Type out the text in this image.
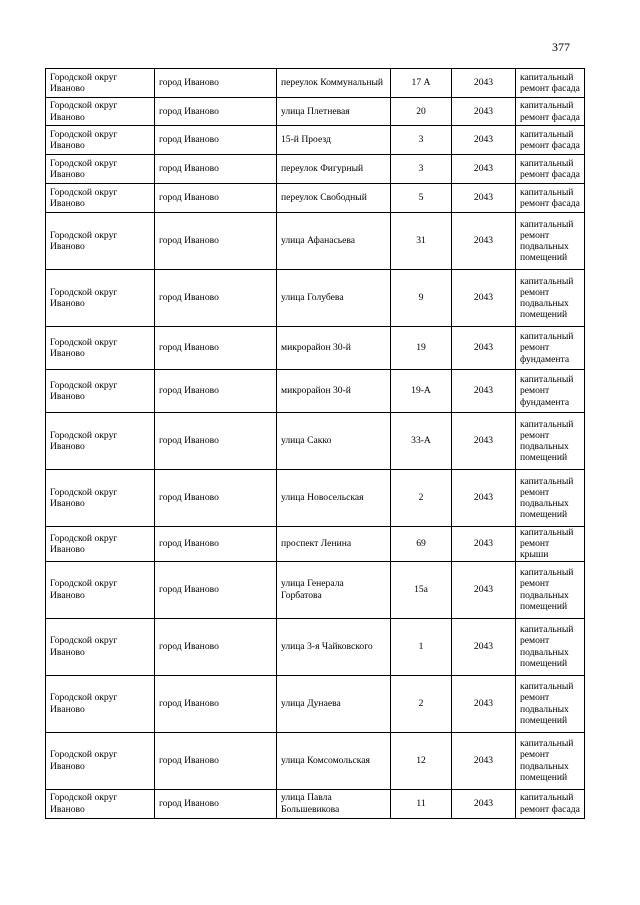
377
Городской округ Иваново	город Иваново	переулок Коммунальный	17 А	2043	капитальный ремонт фасада
Городской округ Иваново	город Иваново	улица Плетневая	20	2043	капитальный ремонт фасада
Городской округ Иваново	город Иваново	15-й Проезд	3	2043	капитальный ремонт фасада
Городской округ Иваново	город Иваново	переулок Фигурный	3	2043	капитальный ремонт фасада
Городской округ Иваново	город Иваново	переулок Свободный	5	2043	капитальный ремонт фасада
Городской округ Иваново	город Иваново	улица Афанасьева	31	2043	капитальный ремонт подвальных помещений
Городской округ Иваново	город Иваново	улица Голубева	9	2043	капитальный ремонт подвальных помещений
Городской округ Иваново	город Иваново	микрорайон 30-й	19	2043	капитальный ремонт фундамента
Городской округ Иваново	город Иваново	микрорайон 30-й	19-А	2043	капитальный ремонт фундамента
Городской округ Иваново	город Иваново	улица Сакко	33-А	2043	капитальный ремонт подвальных помещений
Городской округ Иваново	город Иваново	улица Новосельская	2	2043	капитальный ремонт подвальных помещений
Городской округ Иваново	город Иваново	проспект Ленина	69	2043	капитальный ремонт крыши
Городской округ Иваново	город Иваново	улица Генерала Горбатова	15а	2043	капитальный ремонт подвальных помещений
Городской округ Иваново	город Иваново	улица 3-я Чайковского	1	2043	капитальный ремонт подвальных помещений
Городской округ Иваново	город Иваново	улица Дунаева	2	2043	капитальный ремонт подвальных помещений
Городской округ Иваново	город Иваново	улица Комсомольская	12	2043	капитальный ремонт подвальных помещений
Городской округ Иваново	город Иваново	улица Павла Большевикова	11	2043	капитальный ремонт фасада
